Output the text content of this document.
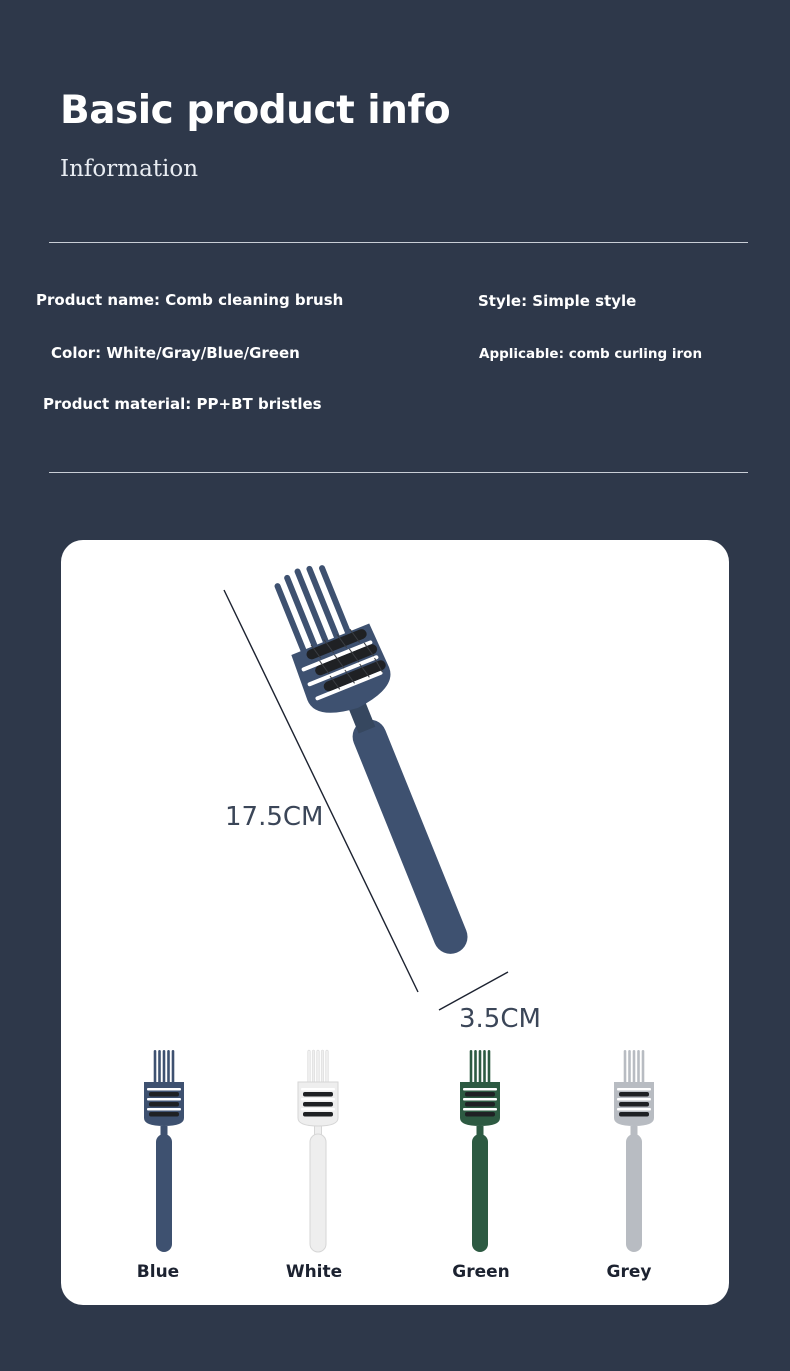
Basic product info
Information
Product name: Comb cleaning brush	Style: Simple style
Color: White/Gray/Blue/Green	Applicable: comb curling iron
Product material: PP+BT bristles
17.5CM
3.5CM
Blue	White	Green	Grey
